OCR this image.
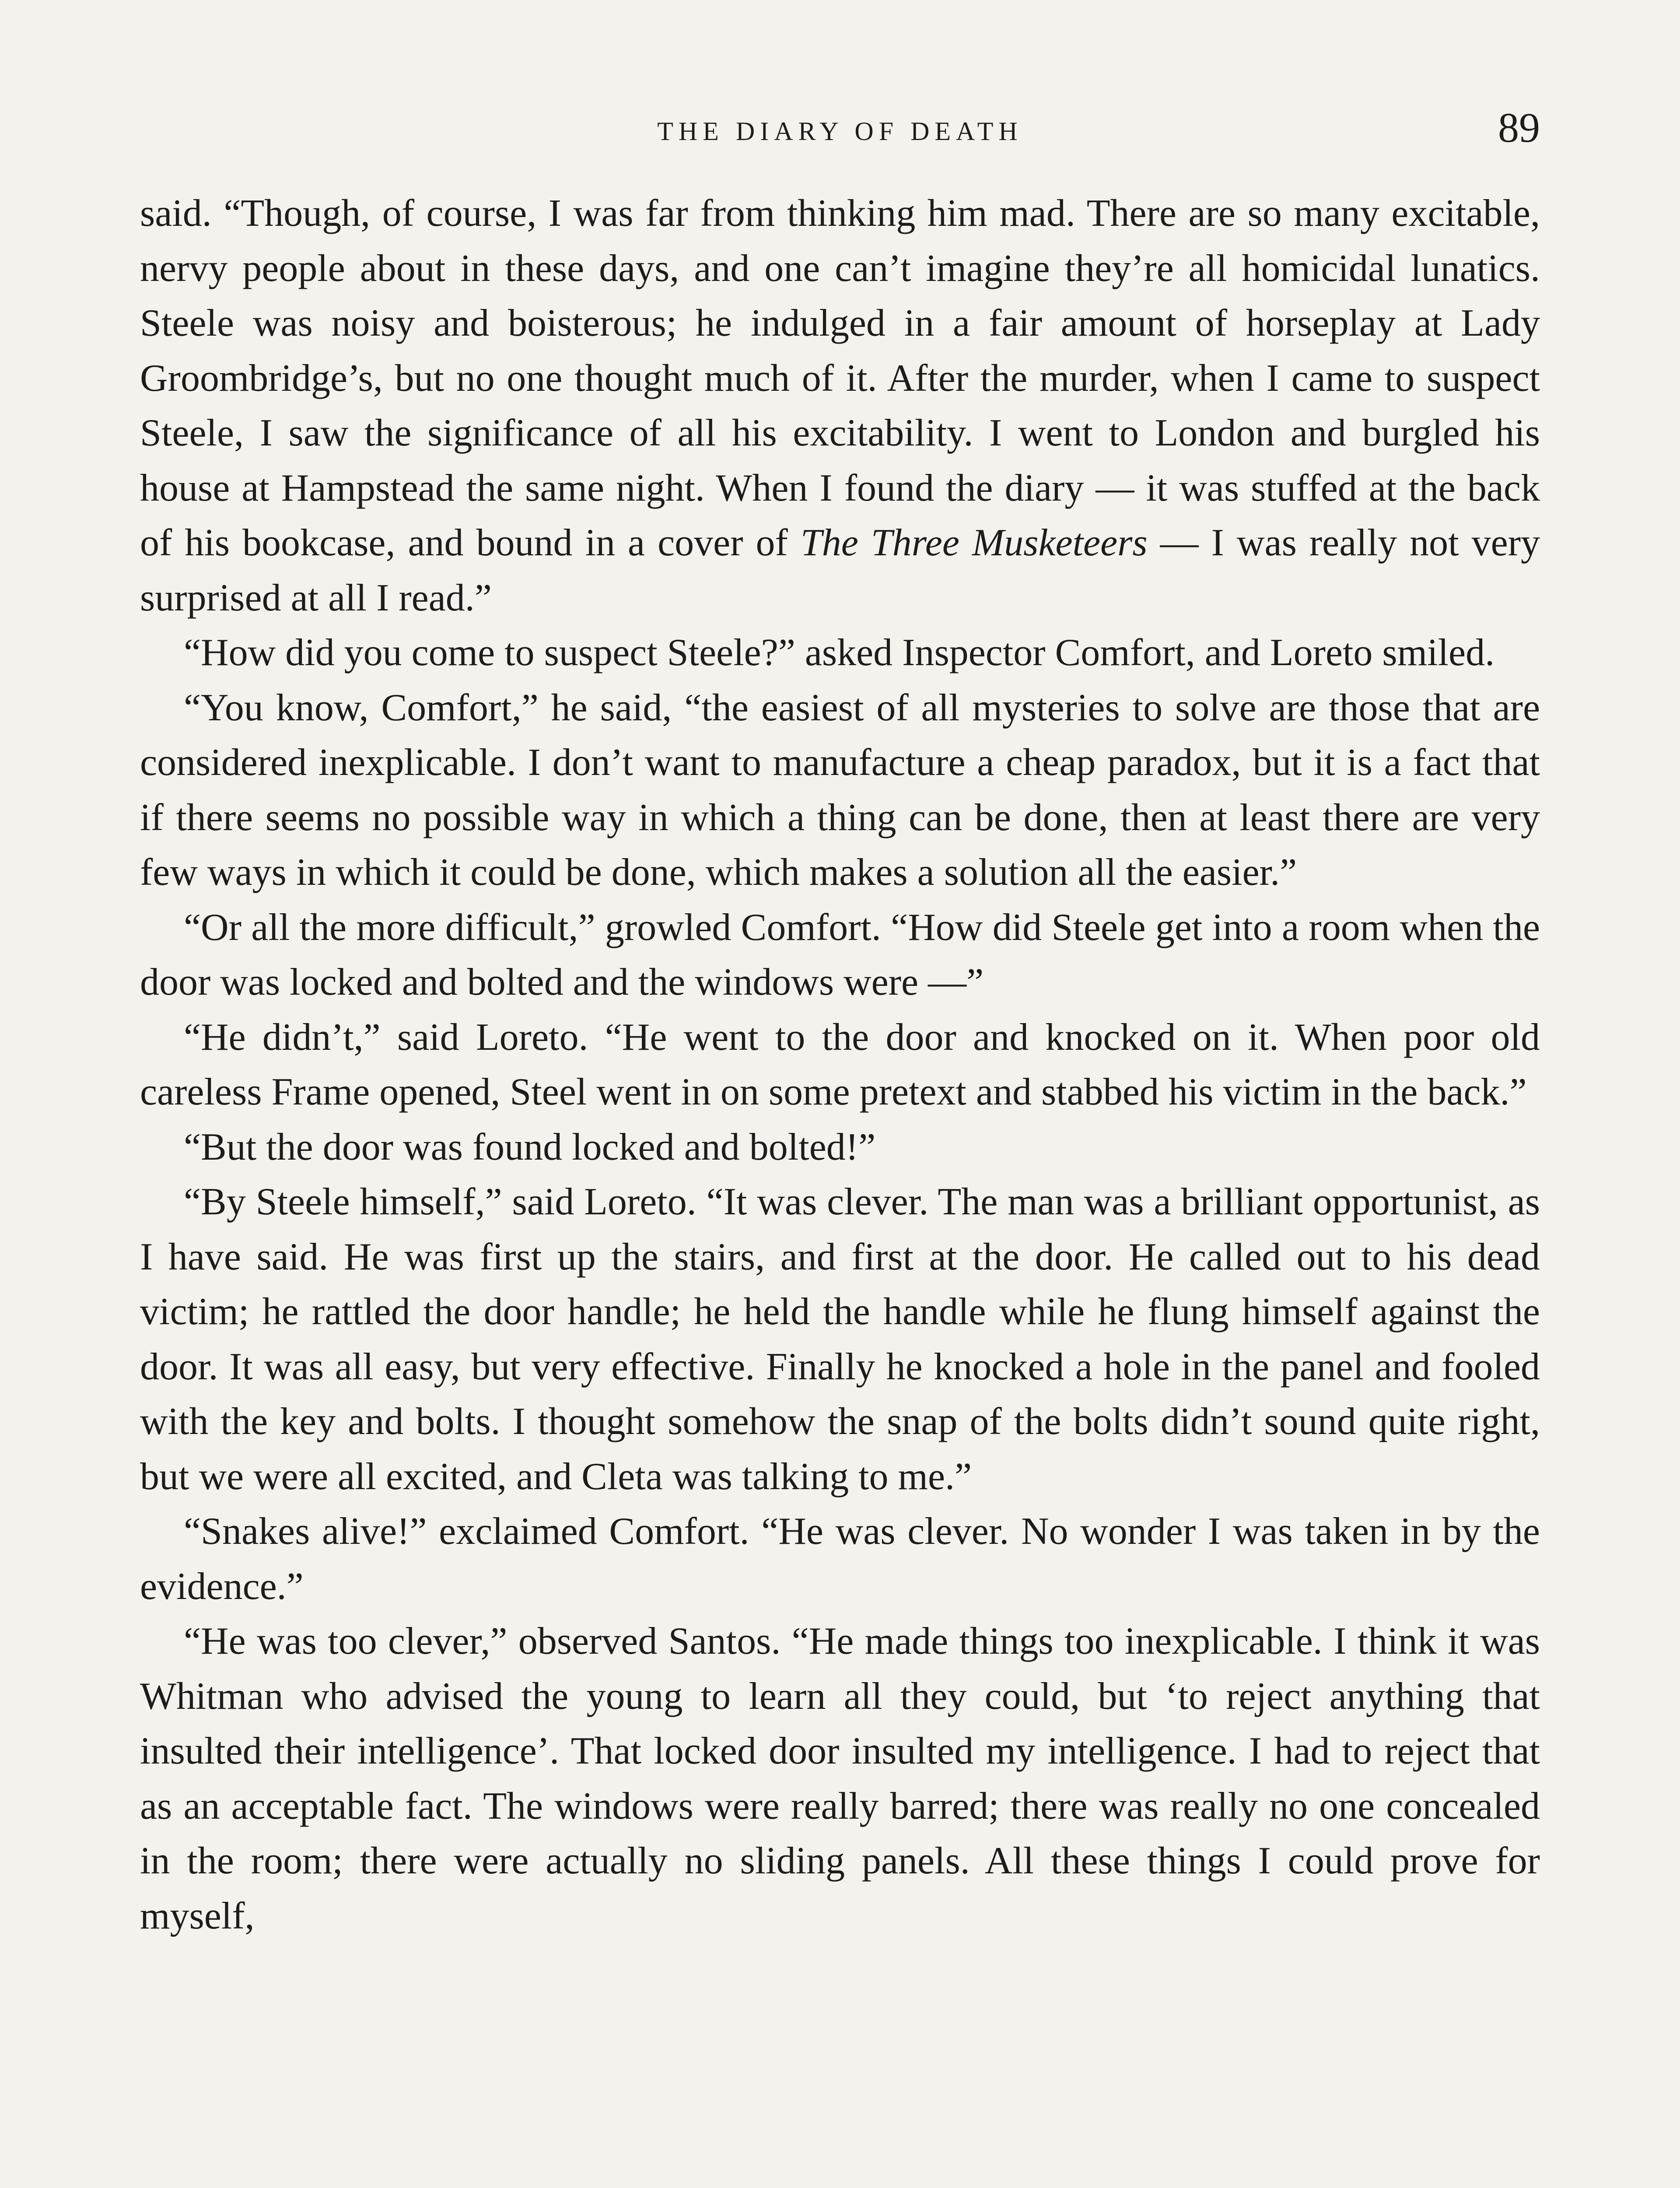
THE DIARY OF DEATH	89

said. “Though, of course, I was far from thinking him mad. There are so many excitable, nervy people about in these days, and one can’t imagine they’re all homicidal lunatics. Steele was noisy and boisterous; he indulged in a fair amount of horseplay at Lady Groombridge’s, but no one thought much of it. After the murder, when I came to suspect Steele, I saw the significance of all his excitability. I went to London and burgled his house at Hampstead the same night. When I found the diary — it was stuffed at the back of his bookcase, and bound in a cover of The Three Musketeers — I was really not very surprised at all I read.”

“How did you come to suspect Steele?” asked Inspector Comfort, and Loreto smiled.

“You know, Comfort,” he said, “the easiest of all mysteries to solve are those that are considered inexplicable. I don’t want to manufacture a cheap paradox, but it is a fact that if there seems no possible way in which a thing can be done, then at least there are very few ways in which it could be done, which makes a solution all the easier.”

“Or all the more difficult,” growled Comfort. “How did Steele get into a room when the door was locked and bolted and the windows were —”

“He didn’t,” said Loreto. “He went to the door and knocked on it. When poor old careless Frame opened, Steel went in on some pretext and stabbed his victim in the back.”

“But the door was found locked and bolted!”

“By Steele himself,” said Loreto. “It was clever. The man was a brilliant opportunist, as I have said. He was first up the stairs, and first at the door. He called out to his dead victim; he rattled the door handle; he held the handle while he flung himself against the door. It was all easy, but very effective. Finally he knocked a hole in the panel and fooled with the key and bolts. I thought somehow the snap of the bolts didn’t sound quite right, but we were all excited, and Cleta was talking to me.”

“Snakes alive!” exclaimed Comfort. “He was clever. No wonder I was taken in by the evidence.”

“He was too clever,” observed Santos. “He made things too inexplicable. I think it was Whitman who advised the young to learn all they could, but ‘to reject anything that insulted their intelligence’. That locked door insulted my intelligence. I had to reject that as an acceptable fact. The windows were really barred; there was really no one concealed in the room; there were actually no sliding panels. All these things I could prove for myself,
